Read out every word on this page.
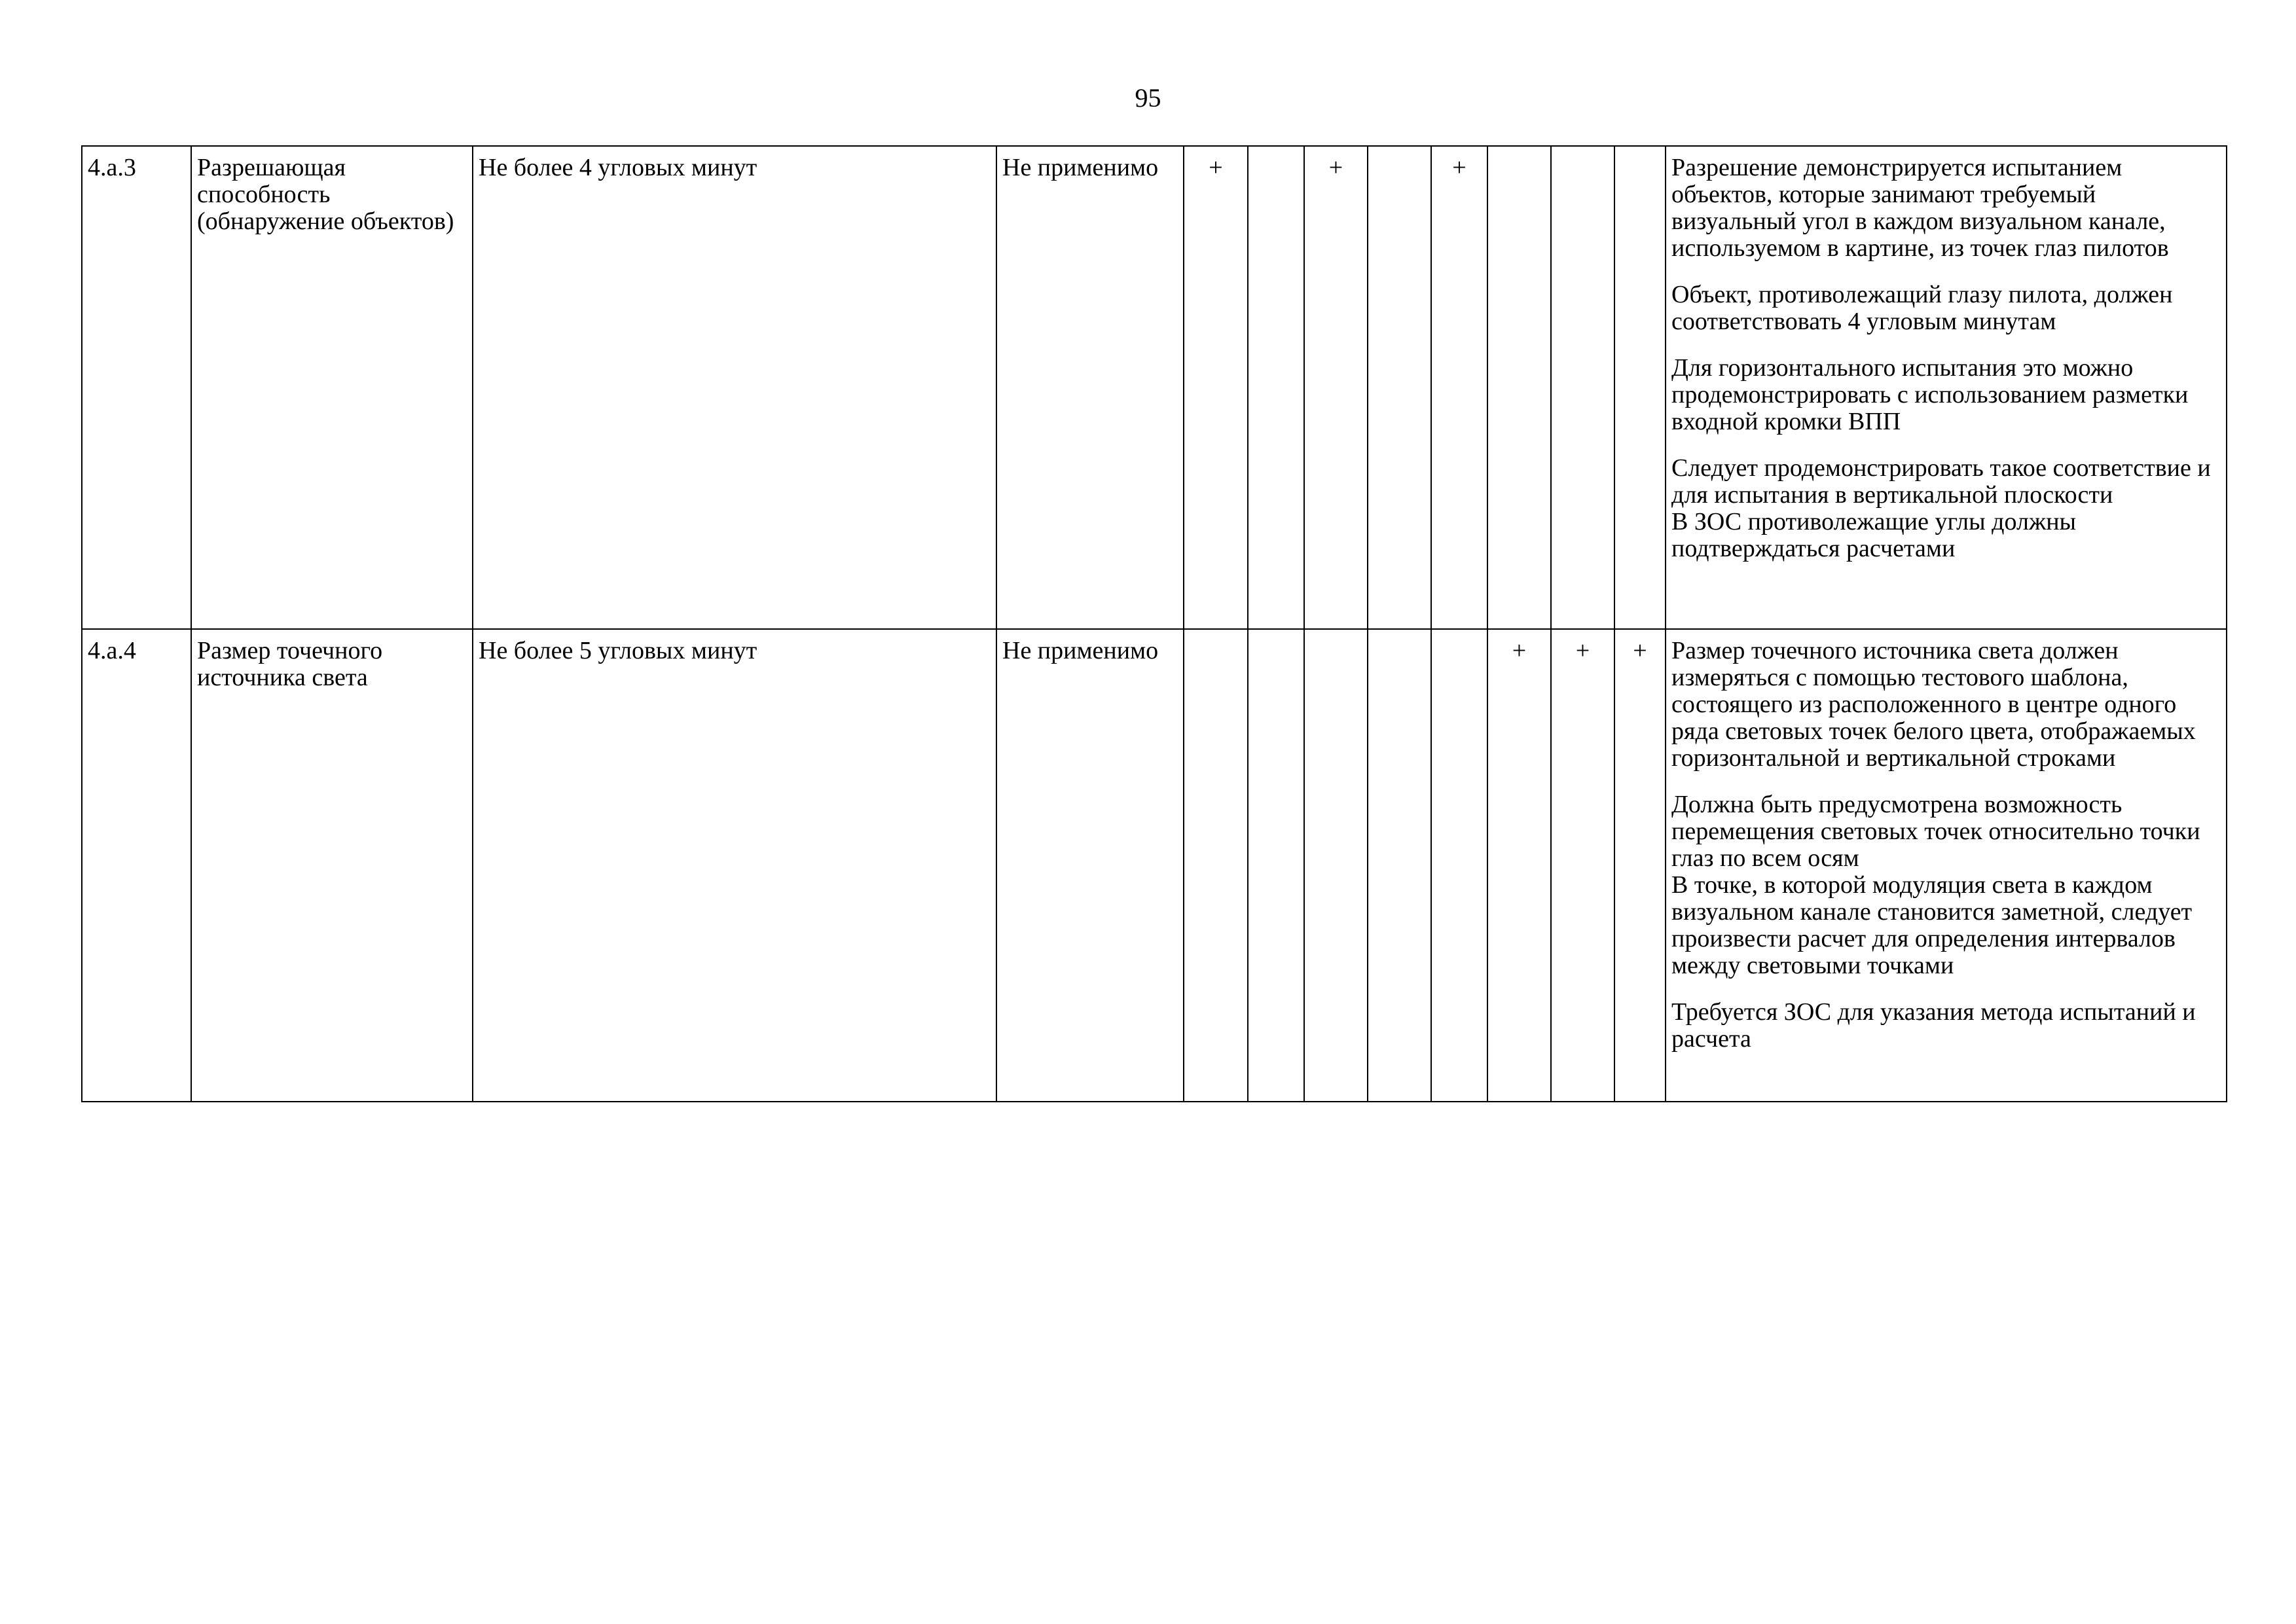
95
4.a.3	Разрешающая способность (обнаружение объектов)	Не более 4 угловых минут	Не применимо	+		+		+				Разрешение демонстрируется испытанием объектов, которые занимают требуемый визуальный угол в каждом визуальном канале, используемом в картине, из точек глаз пилотов
Объект, противолежащий глазу пилота, должен соответствовать 4 угловым минутам
Для горизонтального испытания это можно продемонстрировать с использованием разметки входной кромки ВПП
Следует продемонстрировать такое соответствие и для испытания в вертикальной плоскости
В ЗОС противолежащие углы должны подтверждаться расчетами

4.a.4	Размер точечного источника света	Не более 5 угловых минут	Не применимо						+	+	+	Размер точечного источника света должен измеряться с помощью тестового шаблона, состоящего из расположенного в центре одного ряда световых точек белого цвета, отображаемых горизонтальной и вертикальной строками
Должна быть предусмотрена возможность перемещения световых точек относительно точки глаз по всем осям
В точке, в которой модуляция света в каждом визуальном канале становится заметной, следует произвести расчет для определения интервалов между световыми точками
Требуется ЗОС для указания метода испытаний и расчета
